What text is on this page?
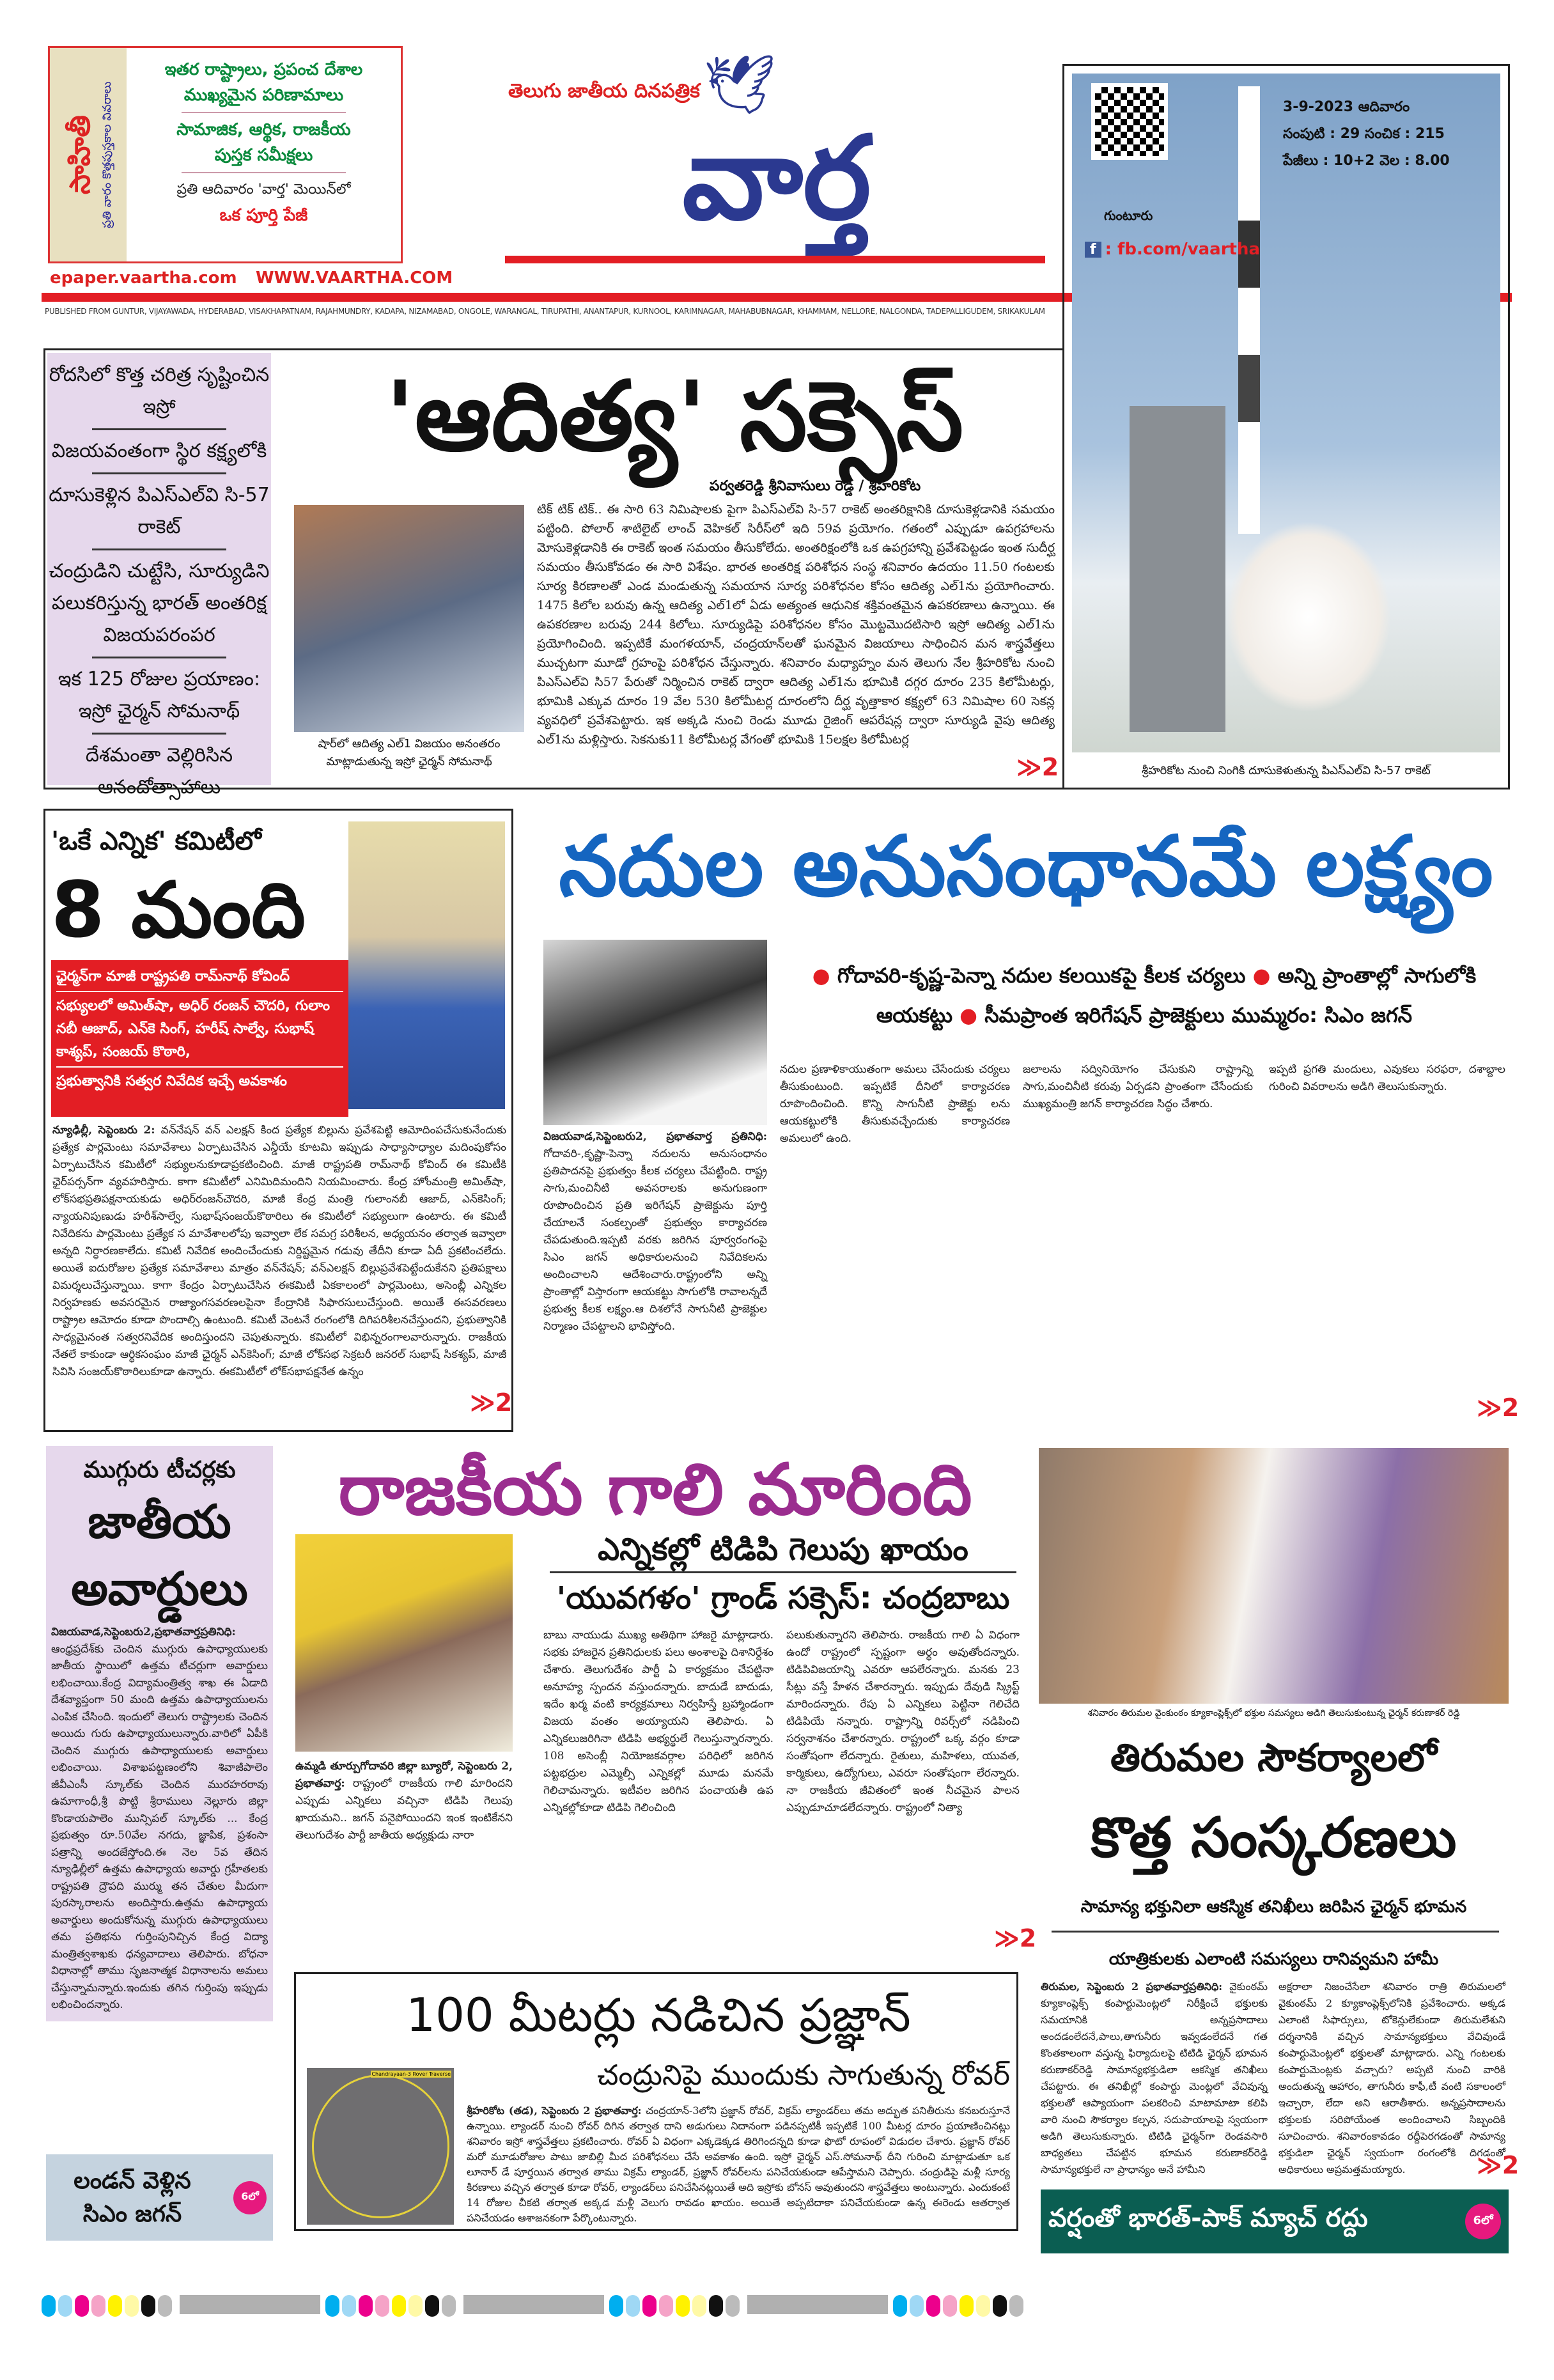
సాహితీ ప్రతి వారం కొత్తపుస్తకాల వివరాలు
ఇతర రాష్ట్రాలు, ప్రపంచ దేశాల
ముఖ్యమైన పరిణామాలు
సామాజిక, ఆర్థిక, రాజకీయ
పుస్తక సమీక్షలు
ప్రతి ఆదివారం 'వార్త' మెయిన్‌లో
ఒక పూర్తి పేజీ
epaper.vaartha.com WWW.VAARTHA.COM
తెలుగు జాతీయ దినపత్రిక 🕊
వార్త
PUBLISHED FROM GUNTUR, VIJAYAWADA, HYDERABAD, VISAKHAPATNAM, RAJAHMUNDRY, KADAPA, NIZAMABAD, ONGOLE, WARANGAL, TIRUPATHI, ANANTAPUR, KURNOOL, KARIMNAGAR, MAHABUBNAGAR, KHAMMAM, NELLORE, NALGONDA, TADEPALLIGUDEM, SRIKAKULAM
3-9-2023 ఆదివారం
సంపుటి : 29 సంచిక : 215
పేజీలు : 10+2 వెల : 8.00
గుంటూరు
f : fb.com/vaartha
శ్రీహరికోట నుంచి నింగికి దూసుకెళుతున్న పిఎస్ఎల్‌వి సి-57 రాకెట్

రోదసిలో కొత్త చరిత్ర సృష్టించిన ఇస్రో

విజయవంతంగా స్థిర కక్ష్యలోకి

దూసుకెళ్లిన పిఎస్ఎల్‌వి సి-57 రాకెట్

చంద్రుడిని చుట్టేసి, సూర్యుడిని పలుకరిస్తున్న భారత్ అంతరిక్ష విజయపరంపర

ఇక 125 రోజుల ప్రయాణం: ఇస్రో ఛైర్మన్ సోమనాథ్

దేశమంతా వెల్లిరిసిన ఆనందోత్సాహాలు

'ఆదిత్య' సక్సెస్
షార్‌లో ఆదిత్య ఎల్1 విజయం అనంతరం మాట్లాడుతున్న ఇస్రో ఛైర్మన్ సోమనాథ్
పర్వతరెడ్డి శ్రీనివాసులు రెడ్డి / శ్రీహరికోట
టిక్ టిక్ టిక్.. ఈ సారి 63 నిమిషాలకు పైగా పిఎస్ఎల్‌వి సి-57 రాకెట్ అంతరిక్షానికి దూసుకెళ్లడానికి సమయం పట్టింది. పోలార్ శాటిలైట్ లాంచ్ వెహికల్ సిరీస్‌లో ఇది 59వ ప్రయోగం. గతంలో ఎప్పుడూ ఉపగ్రహాలను మోసుకెళ్లడానికి ఈ రాకెట్ ఇంత సమయం తీసుకోలేదు. అంతరిక్షంలోకి ఒక ఉపగ్రహాన్ని ప్రవేశపెట్టడం ఇంత సుదీర్ఘ సమయం తీసుకోవడం ఈ సారి విశేషం. భారత అంతరిక్ష పరిశోధన సంస్థ శనివారం ఉదయం 11.50 గంటలకు సూర్య కిరణాలతో ఎండ మండుతున్న సమయాన సూర్య పరిశోధనల కోసం ఆదిత్య ఎల్1ను ప్రయోగించారు. 1475 కిలోల బరువు ఉన్న ఆదిత్య ఎల్1లో ఏడు అత్యంత ఆధునిక శక్తివంతమైన ఉపకరణాలు ఉన్నాయి. ఈ ఉపకరణాల బరువు 244 కిలోలు. సూర్యుడిపై పరిశోధనల కోసం మొట్టమొదటిసారి ఇస్రో ఆదిత్య ఎల్1ను ప్రయోగించింది. ఇప్పటికే మంగళయాన్, చంద్రయాన్‌లతో ఘనమైన విజయాలు సాధించిన మన శాస్త్రవేత్తలు ముచ్చటగా మూడో గ్రహంపై పరిశోధన చేస్తున్నారు. శనివారం మధ్యాహ్నం మన తెలుగు నేల శ్రీహరికోట నుంచి పిఎస్ఎల్‌వి సి57 పేరుతో నిర్మించిన రాకెట్ ద్వారా ఆదిత్య ఎల్1ను భూమికి దగ్గర దూరం 235 కిలోమీటర్లు, భూమికి ఎక్కువ దూరం 19 వేల 530 కిలోమీటర్ల దూరంలోని దీర్ఘ వృత్తాకార కక్ష్యలో 63 నిమిషాల 60 సెకన్ల వ్యవధిలో ప్రవేశపెట్టారు. ఇక అక్కడి నుంచి రెండు మూడు రైజింగ్ ఆపరేషన్ల ద్వారా సూర్యుడి వైపు ఆదిత్య ఎల్1ను మళ్లిస్తారు. సెకనుకు11 కిలోమీటర్ల వేగంతో భూమికి 15లక్షల కిలోమీటర్ల
≫2
'ఒకే ఎన్నిక' కమిటీలో
8 మంది
ఛైర్మన్‌గా మాజీ రాష్ట్రపతి రామ్‌నాథ్ కోవింద్
సభ్యులలో అమిత్‌షా, అధిర్ రంజన్ చౌదరి, గులాం నబీ ఆజాద్, ఎన్‌కె సింగ్, హరీష్ సాల్వే, సుభాష్ కాశ్యప్, సంజయ్ కొఠారి,
ప్రభుత్వానికి సత్వర నివేదిక ఇచ్చే అవకాశం
న్యూఢిల్లీ, సెప్టెంబరు 2: వన్‌నేషన్ వన్ ఎలక్షన్ కింద ప్రత్యేక బిల్లును ప్రవేశపెట్టి ఆమోదింపచేసుకునేందుకు ప్రత్యేక పార్లమెంటు సమావేశాలు ఏర్పాటుచేసిన ఎన్డీయే కూటమి ఇప్పుడు సాధ్యాసాధ్యాల మదింపుకోసం ఏర్పాటుచేసిన కమిటీలో సభ్యులనుకూడాప్రకటించింది. మాజీ రాష్ట్రపతి రామ్‌నాథ్ కోవింద్ ఈ కమిటీకి ఛైర్‌పర్సన్‌గా వ్యవహరిస్తారు. కాగా కమిటీలో ఎనిమిదిమందిని నియమించారు. కేంద్ర హోంమంత్రి అమిత్‌షా, లోక్‌సభప్రతిపక్షనాయకుడు అధిర్‌రంజన్‌చౌదరి, మాజీ కేంద్ర మంత్రి గులాంనబీ ఆజాద్, ఎన్‌కెసింగ్; న్యాయనిపుణుడు హరీశ్‌సాల్వే, సుభాష్‌సంజయ్‌కొఠారిలు ఈ కమిటీలో సభ్యులుగా ఉంటారు. ఈ కమిటీ నివేదికను పార్లమెంటు ప్రత్యేక స మావేశాలలోపు ఇవ్వాలా లేక సమగ్ర పరిశీలన, అధ్యయనం తర్వాత ఇవ్వాలా అన్నది నిర్ధారణకాలేదు. కమిటీ నివేదిక అందించేందుకు నిర్దిష్టమైన గడువు తేదీని కూడా ఏదీ ప్రకటించలేదు. అయితే ఐదురోజుల ప్రత్యేక సమావేశాలు మాత్రం వన్‌నేషన్; వన్‌ఎలక్షన్ బిల్లుప్రవేశపెట్టేందుకేనని ప్రతిపక్షాలు విమర్శలుచేస్తున్నాయి. కాగా కేంద్రం ఏర్పాటుచేసిన ఈకమిటీ ఏకకాలంలో పార్లమెంటు, అసెంబ్లీ ఎన్నికల నిర్వహణకు అవసరమైన రాజ్యాంగసవరణలపైనా కేంద్రానికి సిఫారసులుచేస్తుంది. అయితే ఈసవరణలు రాష్ట్రాల ఆమోదం కూడా పొందాల్సి ఉంటుంది. కమిటీ వెంటనే రంగంలోకి దిగిపరిశీలనచేస్తుందని, ప్రభుత్వానికి సాధ్యమైనంత సత్వరనివేదిక అందిస్తుందని చెపుతున్నారు. కమిటీలో విభిన్నరంగాలవారున్నారు. రాజకీయ నేతలే కాకుండా ఆర్థికసంఘం మాజీ ఛైర్మన్ ఎన్‌కెసింగ్; మాజీ లోక్‌సభ సెక్రటరీ జనరల్ సుభాష్ సికశ్యప్, మాజీ సివిసి సంజయ్‌కొఠారిలుకూడా ఉన్నారు. ఈకమిటీలో లోక్‌సభాపక్షనేత ఉన్నం
≫2
నదుల అనుసంధానమే లక్ష్యం
● గోదావరి-కృష్ణ-పెన్నా నదుల కలయికపై కీలక చర్యలు ● అన్ని ప్రాంతాల్లో సాగులోకి ఆయకట్టు ● సీమప్రాంత ఇరిగేషన్ ప్రాజెక్టులు ముమ్మరం: సిఎం జగన్
విజయవాడ,సెప్టెంబరు2, ప్రభాతవార్త ప్రతినిధి: గోదావరి-,కృష్ణా-పెన్నా నదులను అనుసంధానం ప్రతిపాదనపై ప్రభుత్వం కీలక చర్యలు చేపట్టింది. రాష్ట్ర సాగు,మంచినీటి అవసరాలకు అనుగుణంగా రూపొందించిన ప్రతి ఇరిగేషన్ ప్రాజెక్టును పూర్తి చేయాలనే సంకల్పంతో ప్రభుత్వం కార్యాచరణ చేపడుతుంది.ఇప్పటి వరకు జరిగిన పూర్వరంగంపై సిఎం జగన్ అధికారులనుంచి నివేదికలను అందించాలని ఆదేశించారు.రాష్ట్రంలోని అన్ని ప్రాంతాల్లో విస్తారంగా ఆయకట్టు సాగులోకి రావాలన్నదే ప్రభుత్వ కీలక లక్ష్యం.ఆ దిశలోనే సాగునీటి ప్రాజెక్టుల నిర్మాణం చేపట్టాలని భావిస్తోంది.
నదుల ప్రణాళికాయుతంగా అమలు చేసేందుకు చర్యలు తీసుకుంటుంది. ఇప్పటికే దీనిలో కార్యాచరణ రూపొందించింది. కొన్ని సాగునీటి ప్రాజెక్టు లను ఆయకట్టులోకి తీసుకువచ్చేందుకు కార్యాచరణ అమలులో ఉంది.
జలాలను సద్వినియోగం చేసుకుని రాష్ట్రాన్ని సాగు,మంచినీటి కరువు ఏర్పడని ప్రాంతంగా చేసేందుకు ముఖ్యమంత్రి జగన్ కార్యాచరణ సిద్ధం చేశారు.
ఇప్పటి ప్రగతి మందులు, ఎవుకలు సరఫరా, దశాబ్దాల గురించి వివరాలను అడిగి తెలుసుకున్నారు.
≫2
ముగ్గురు టీచర్లకు
జాతీయ
అవార్డులు
విజయవాడ,సెప్టెంబరు2,ప్రభాతవార్తప్రతినిధి: ఆంధ్రప్రదేశ్‌కు చెందిన ముగ్గురు ఉపాధ్యాయులకు జాతీయ స్థాయిలో ఉత్తమ టీచర్లుగా అవార్డులు లభించాయి.కేంద్ర విద్యామంత్రిత్వ శాఖ ఈ ఏడాది దేశవ్యాప్తంగా 50 మంది ఉత్తమ ఉపాధ్యాయులను ఎంపిక చేసింది. ఇందులో తెలుగు రాష్ట్రాలకు చెందిన అయిదు గురు ఉపాధ్యాయులున్నారు.వారిలో ఏపీకి చెందిన ముగ్గురు ఉపాధ్యాయులకు అవార్డులు లభించాయి. విశాఖపట్టణంలోని శివాజీపాలెం జీవీఎంసీ స్కూల్‌కు చెందిన మురహరరావు ఉమాగాంధీ,శ్రీ పొట్టి శ్రీరాములు నెల్లూరు జిల్లా కొండాయపాలెం మున్సిపల్ స్కూల్‌కు ... కేంద్ర ప్రభుత్వం రూ.50వేల నగదు, జ్ఞాపిక, ప్రశంసా పత్రాన్ని అందజేస్తోంది.ఈ నెల 5వ తేదిన న్యూఢిల్లీలో ఉత్తమ ఉపాధ్యాయ అవార్డు గ్రహీతలకు రాష్ట్రపతి ద్రౌపది ముర్ము తన చేతుల మీదుగా పురస్కారాలను అందిస్తారు.ఉత్తమ ఉపాధ్యాయ అవార్డులు అందుకోనున్న ముగ్గురు ఉపాధ్యాయులు తమ ప్రతిభను గుర్తింపునిచ్చిన కేంద్ర విద్యా మంత్రిత్వశాఖకు ధన్యవాదాలు తెలిపారు. బోధనా విధానాల్లో తాము సృజనాత్మక విధానాలను అమలు చేస్తున్నామన్నారు.ఇందుకు తగిన గుర్తింపు ఇప్పుడు లభించిందన్నారు.
రాజకీయ గాలి మారింది
ఎన్నికల్లో టిడిపి గెలుపు ఖాయం
'యువగళం' గ్రాండ్ సక్సెస్: చంద్రబాబు
ఉమ్మడి తూర్పుగోదావరి జిల్లా బ్యూరో, సెప్టెంబరు 2, ప్రభాతవార్త: రాష్ట్రంలో రాజకీయ గాలి మారిందని ఎప్పుడు ఎన్నికలు వచ్చినా టిడిపి గెలుపు ఖాయమని.. జగన్ పనైపోయిందని ఇంక ఇంటికేనని తెలుగుదేశం పార్టీ జాతీయ అధ్యక్షుడు నారా
బాబు నాయుడు ముఖ్య అతిథిగా హాజరై మాట్లాడారు. సభకు హాజరైన ప్రతినిధులకు పలు అంశాలపై దిశానిర్దేశం చేశారు. తెలుగుదేశం పార్టీ ఏ కార్యక్రమం చేపట్టినా అనూహ్య స్పందన వస్తుందన్నారు. బాదుడే బాదుడు, ఇదేం ఖర్మ వంటి కార్యక్రమాలు నిర్వహిస్తే బ్రహ్మాండంగా విజయ వంతం అయ్యాయని తెలిపారు. ఏ ఎన్నికలుజరిగినా టిడిపి అభ్యర్థులే గెలుస్తున్నారన్నారు. 108 అసెంబ్లీ నియోజకవర్గాల పరిధిలో జరిగిన పట్టభద్రుల ఎమ్మెల్సీ ఎన్నికల్లో మూడు మనమే గెలిచామన్నారు. ఇటీవల జరిగిన పంచాయతీ ఉప ఎన్నికల్లోకూడా టిడిపి గెలించింది
పలుకుతున్నారని తెలిపారు. రాజకీయ గాలి ఏ విధంగా ఉందో రాష్ట్రంలో స్పష్టంగా అర్థం అవుతోందన్నారు. టిడిపివిజయాన్ని ఎవరూ ఆపలేరన్నారు. మనకు 23 సీట్లు వస్తే హేళన చేశారన్నారు. ఇప్పుడు దేవుడి స్క్రిప్ట్ మారిందన్నారు. రేపు ఏ ఎన్నికలు పెట్టినా గెలిచేది టిడిపియే నన్నారు. రాష్ట్రాన్ని రివర్స్‌లో నడిపించి సర్వనాశనం చేశారన్నారు. రాష్ట్రంలో ఒక్క వర్గం కూడా సంతోషంగా లేదన్నారు. రైతులు, మహిళలు, యువత, కార్మికులు, ఉద్యోగులు, ఎవరూ సంతోషంగా లేరన్నారు. నా రాజకీయ జీవితంలో ఇంత నీచమైన పాలన ఎప్పుడూచూడలేదన్నారు. రాష్ట్రంలో నిత్యా
≫2
శనివారం తిరుమల వైంకుంఠం క్యూకాంప్లెక్స్‌లో భక్తుల సమస్యలు అడిగి తెలుసుకుంటున్న ఛైర్మన్ కరుణాకర్ రెడ్డి
తిరుమల సౌకర్యాలలో
కొత్త సంస్కరణలు
సామాన్య భక్తునిలా ఆకస్మిక తనిఖీలు జరిపిన ఛైర్మన్ భూమన
యాత్రికులకు ఎలాంటి సమస్యలు రానివ్వమని హామీ
తిరుమల, సెప్టెంబరు 2 ప్రభాతవార్తప్రతినిధి: వైకుంఠమ్ క్యూకాంప్లెక్స్ కంపార్టుమెంట్లలో నిరీక్షించే భక్తులకు సమయానికి అన్నప్రసాదాలు అందడంలేదనే,పాలు,తాగునీరు ఇవ్వడంలేదనే గత కొంతకాలంగా వస్తున్న ఫిర్యాదులపై టిటిడి ఛైర్మన్ భూమన కరుణాకర్‌రెడ్డి సామాన్యభక్తుడిలా ఆకస్మిక తనిఖీలు చేపట్టారు. ఈ తనిఖీల్లో కంపార్టు మెంట్లలో వేచివున్న భక్తులతో ఆప్యాయంగా పలకరించి మాటామాటా కలిపి వారి నుంచి సౌకర్యాల కల్పన, సదుపాయాలపై స్వయంగా అడిగి తెలుసుకున్నారు. టిటిడి ఛైర్మన్‌గా రెండవసారి బాధ్యతలు చేపట్టిన భూమన కరుణాకర్‌రెడ్డి సామాన్యభక్తులే నా ప్రాధాన్యం అనే హామీని
అక్షరాలా నిజంచేసేలా శనివారం రాత్రి తిరుమలలో వైకుంఠమ్ 2 క్యూకాంప్లెక్స్‌లోనికి ప్రవేశించారు. అక్కడ ఎలాంటి సిఫార్సులు, టోకెన్లులేకుండా తిరుమలేశుని దర్శనానికి వచ్చిన సామాన్యభక్తులు వేచివుండే కంపార్టుమెంట్లలో భక్తులతో మాట్లాడారు. ఎన్ని గంటలకు కంపార్టుమెంట్లకు వచ్చారు? అప్పటి నుంచి వారికి అందుతున్న ఆహారం, తాగునీరు కాఫీ,టీ వంటి సకాలంలో ఇచ్చారా, లేదా అని ఆరాతీశారు. అన్నప్రసాదాలను భక్తులకు సరిపోయేంత అందించాలని సిబ్బందికి సూచించారు. శనివారంకావడం రద్దీపెరగడంతో సామాన్య భక్తుడిలా ఛైర్మన్ స్వయంగా రంగంలోకి దిగడంతో అధికారులు అప్రమత్తమయ్యారు.	≫2
వర్షంతో భారత్-పాక్ మ్యాచ్ రద్దు	6లో
100 మీటర్లు నడిచిన ప్రజ్ఞాన్
Chandrayaan-3 Rover Traverse	చంద్రునిపై ముందుకు సాగుతున్న రోవర్
శ్రీహరికోట (తడ), సెప్టెంబరు 2 ప్రభాతవార్త: చంద్రయాన్-3లోని ప్రజ్ఞాన్ రోవర్, విక్రమ్ ల్యాండర్‌లు తమ అద్భుత పనితీరును కనబరుస్తూనే ఉన్నాయి. ల్యాండర్ నుంచి రోవర్ దిగిన తర్వాత దాని అడుగులు నిదానంగా పడినప్పటికీ ఇప్పటికే 100 మీటర్ల దూరం ప్రయాణించినట్లు శనివారం ఇస్రో శాస్త్రవేత్తలు ప్రకటించారు. రోవర్ ఏ విధంగా ఎక్కడెక్కడ తిరిగిందన్నది కూడా ఫొటో రూపంలో విడుదల చేశారు. ప్రజ్ఞాన్ రోవర్ మరో మూడురోజుల పాటు జాబిల్లి మీద పరిశోధనలు చేసే అవకాశం ఉంది. ఇస్రో ఛైర్మన్ ఎస్.సోమనాథ్ దీని గురించి మాట్లాడుతూ ఒక లూనార్ డే పూర్తయిన తర్వాత తాము విక్రమ్ ల్యాండర్, ప్రజ్ఞాన్ రోవర్‌లను పనిచేయకుండా ఆపేస్తామని చెప్పారు. చంద్రుడిపై మళ్లీ సూర్య కిరణాలు వచ్చిన తర్వాత కూడా రోవర్, ల్యాండర్‌లు పనిచేసినట్లయితే అది ఇస్రోకు బోనస్ అవుతుందని శాస్త్రవేత్తలు అంటున్నారు. ఎందుకంటే 14 రోజుల చీకటి తర్వాత అక్కడ మళ్లీ వెలుగు రావడం ఖాయం. అయితే అప్పటిదాకా పనిచేయకుండా ఉన్న ఈరెండు ఆతర్వాత పనిచేయడం ఆశాజనకంగా పేర్కొంటున్నారు.
లండన్ వెళ్లిన సిఎం జగన్
6లో
